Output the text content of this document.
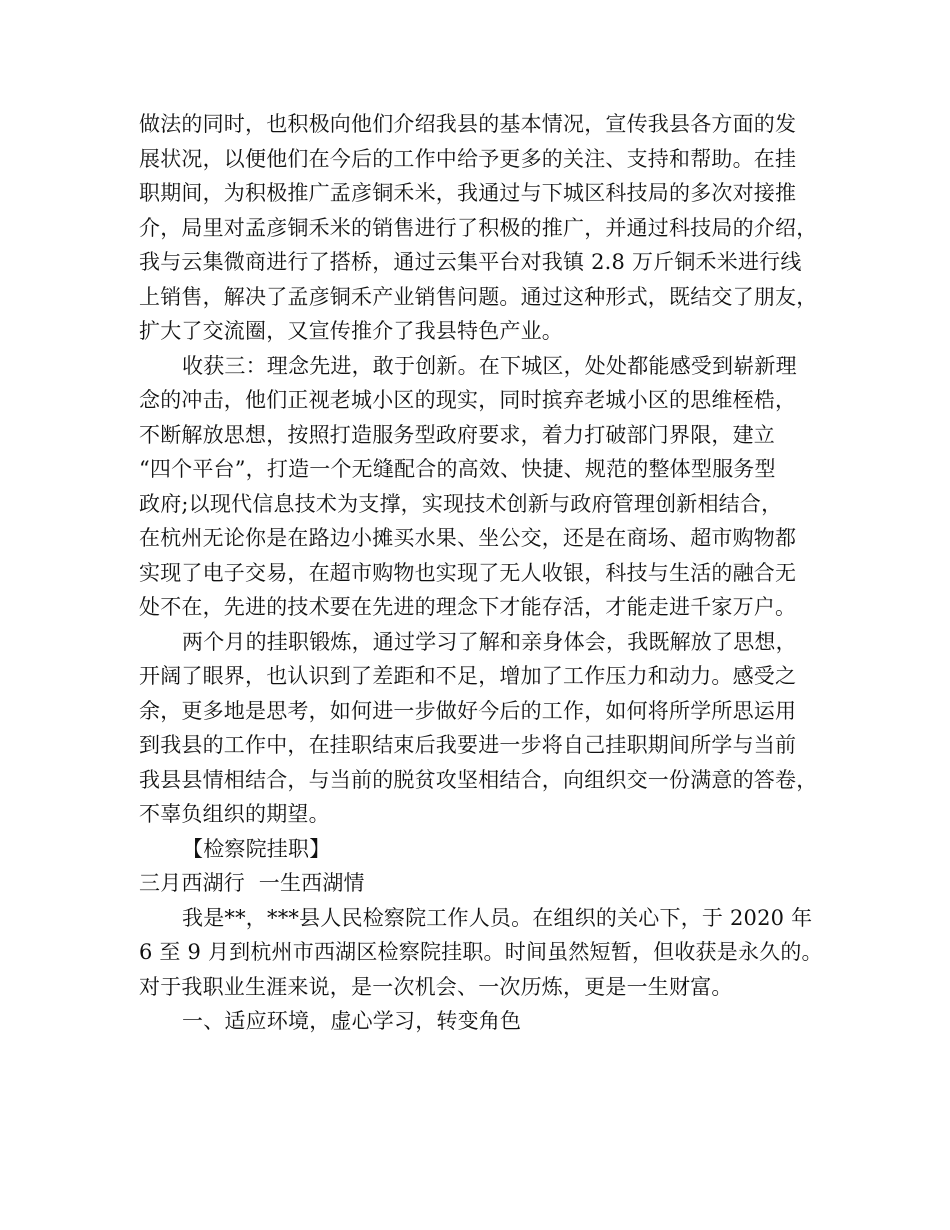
做法的同时，也积极向他们介绍我县的基本情况，宣传我县各方面的发
展状况，以便他们在今后的工作中给予更多的关注、支持和帮助。在挂
职期间，为积极推广孟彦铜禾米，我通过与下城区科技局的多次对接推
介，局里对孟彦铜禾米的销售进行了积极的推广，并通过科技局的介绍，
我与云集微商进行了搭桥，通过云集平台对我镇 2.8 万斤铜禾米进行线
上销售，解决了孟彦铜禾产业销售问题。通过这种形式，既结交了朋友，
扩大了交流圈，又宣传推介了我县特色产业。
收获三：理念先进，敢于创新。在下城区，处处都能感受到崭新理
念的冲击，他们正视老城小区的现实，同时摈弃老城小区的思维桎梏，
不断解放思想，按照打造服务型政府要求，着力打破部门界限，建立
“四个平台”，打造一个无缝配合的高效、快捷、规范的整体型服务型
政府;以现代信息技术为支撑，实现技术创新与政府管理创新相结合，
在杭州无论你是在路边小摊买水果、坐公交，还是在商场、超市购物都
实现了电子交易，在超市购物也实现了无人收银，科技与生活的融合无
处不在，先进的技术要在先进的理念下才能存活，才能走进千家万户。
两个月的挂职锻炼，通过学习了解和亲身体会，我既解放了思想，
开阔了眼界，也认识到了差距和不足，增加了工作压力和动力。感受之
余，更多地是思考，如何进一步做好今后的工作，如何将所学所思运用
到我县的工作中，在挂职结束后我要进一步将自己挂职期间所学与当前
我县县情相结合，与当前的脱贫攻坚相结合，向组织交一份满意的答卷，
不辜负组织的期望。
【检察院挂职】
三月西湖行  一生西湖情
我是**，***县人民检察院工作人员。在组织的关心下，于 2020 年
6 至 9 月到杭州市西湖区检察院挂职。时间虽然短暂，但收获是永久的。
对于我职业生涯来说，是一次机会、一次历炼，更是一生财富。
一、适应环境，虚心学习，转变角色
